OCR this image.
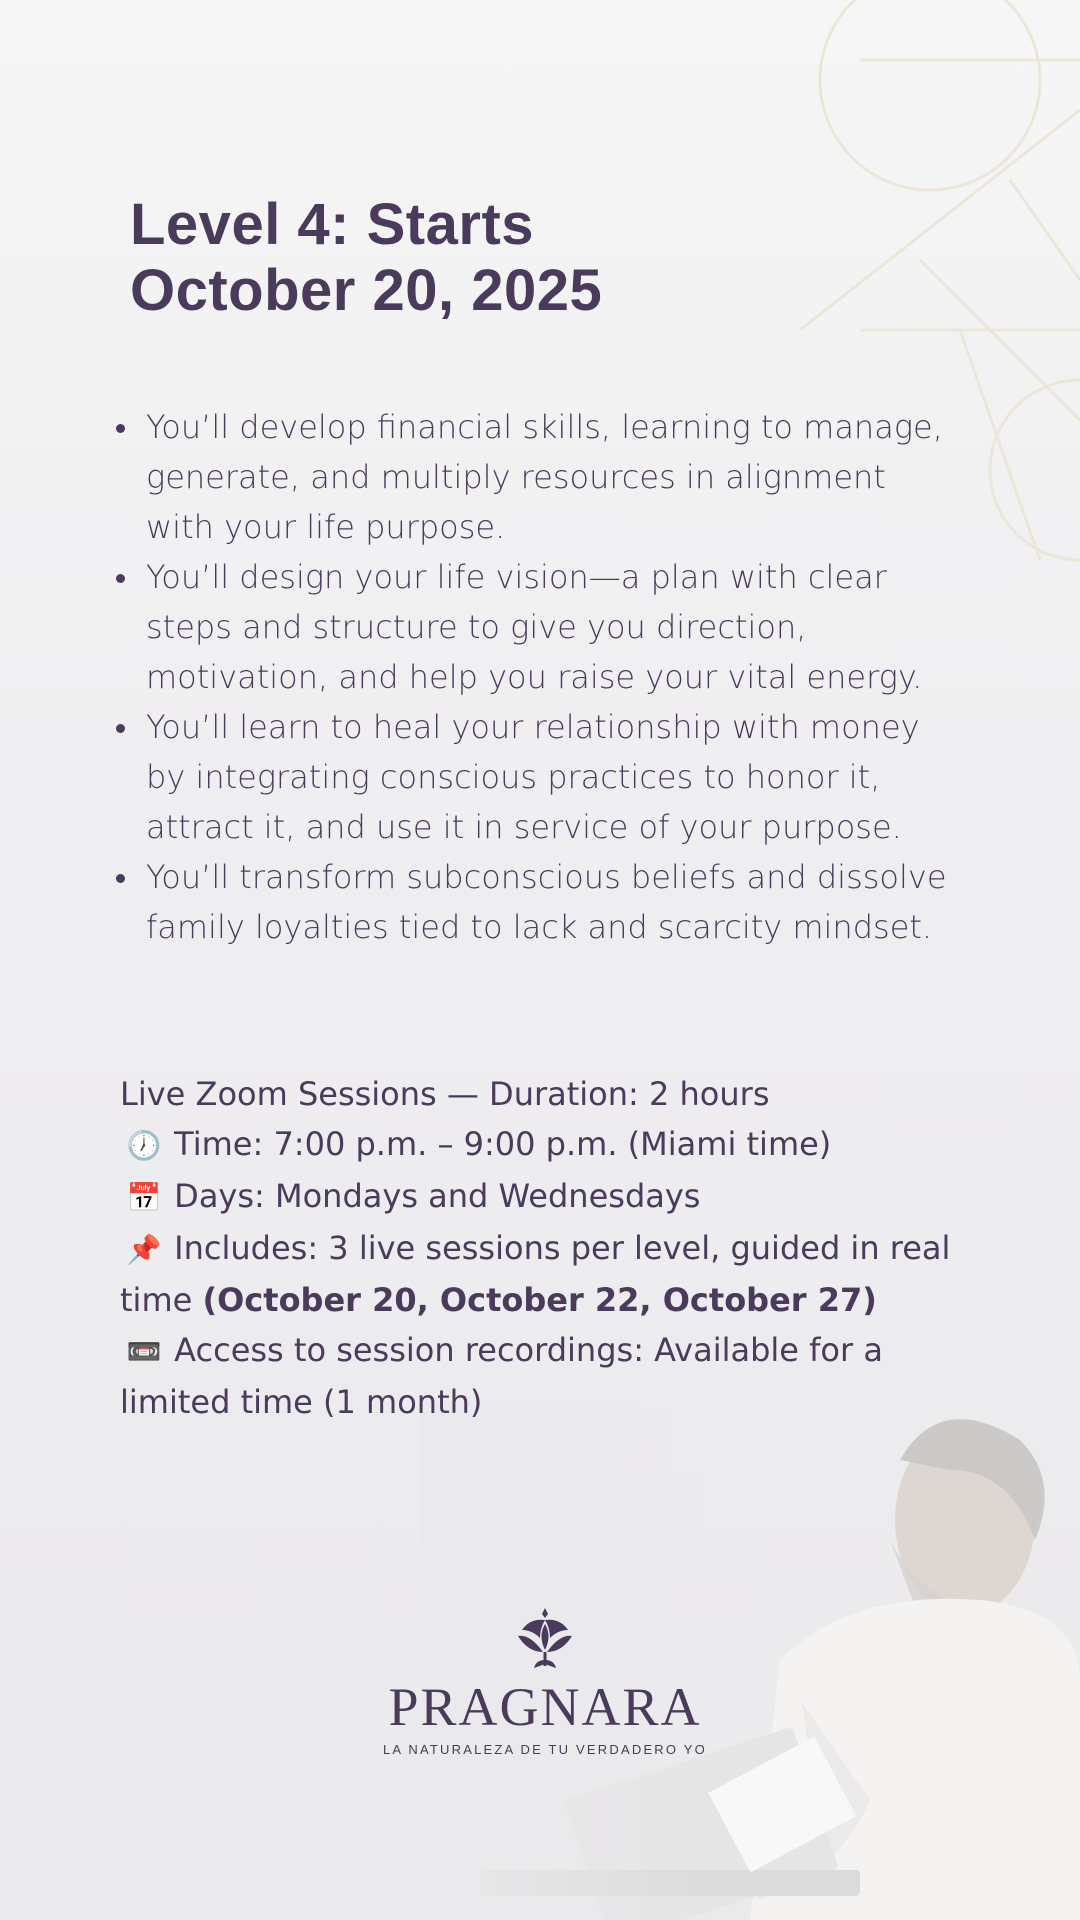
Level 4: Starts
October 20, 2025
You’ll develop financial skills, learning to manage, generate, and multiply resources in alignment with your life purpose.
You’ll design your life vision—a plan with clear steps and structure to give you direction, motivation, and help you raise your vital energy.
You’ll learn to heal your relationship with money by integrating conscious practices to honor it, attract it, and use it in service of your purpose.
You’ll transform subconscious beliefs and dissolve family loyalties tied to lack and scarcity mindset.
Live Zoom Sessions — Duration: 2 hours
🕖 Time: 7:00 p.m. – 9:00 p.m. (Miami time)
📅 Days: Mondays and Wednesdays
📌 Includes: 3 live sessions per level, guided in real time (October 20, October 22, October 27)
📼 Access to session recordings: Available for a limited time (1 month)
PRAGNARA
LA NATURALEZA DE TU VERDADERO YO
